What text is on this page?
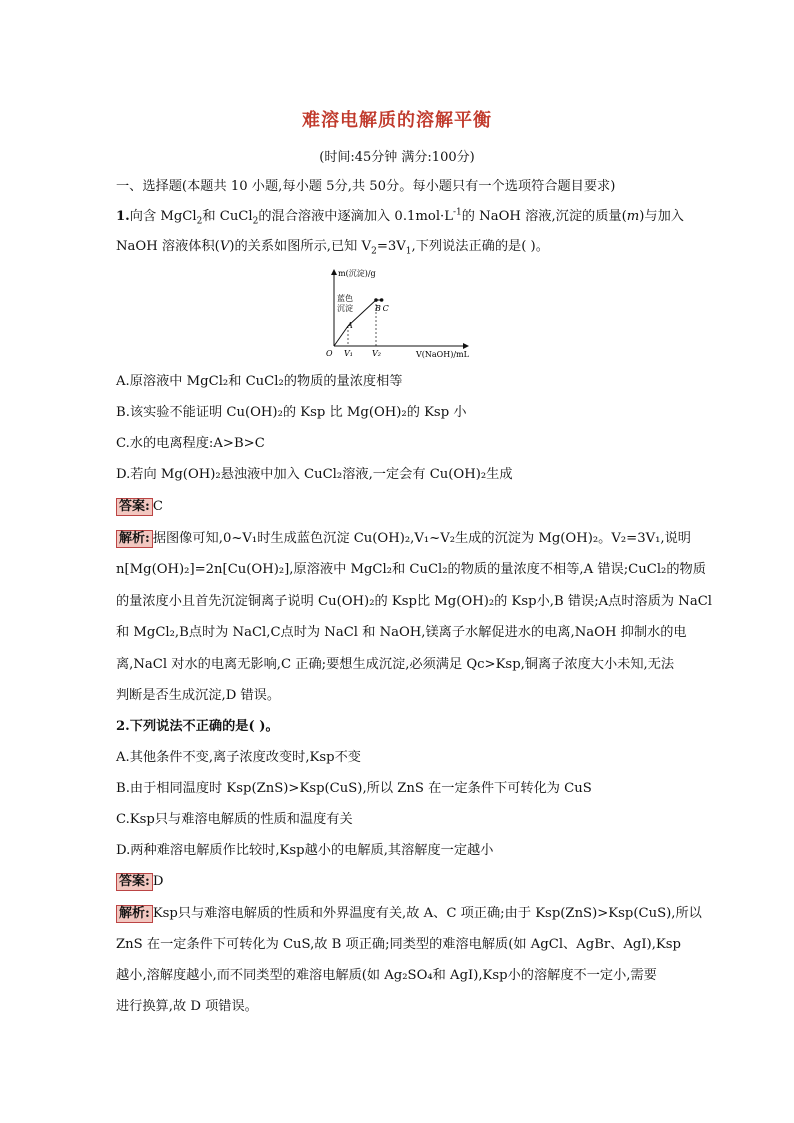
难溶电解质的溶解平衡
(时间:45分钟 满分:100分)
一、选择题(本题共 10 小题,每小题 5分,共 50分。每小题只有一个选项符合题目要求)
1.向含 MgCl$_2$和 CuCl$_2$的混合溶液中逐滴加入 $0.1mol\cdot L^{-1}$的 NaOH 溶液,沉淀的质量(m)与加入
NaOH 溶液体积(V)的关系如图所示,已知 $V_2=3V_1$,下列说法正确的是( )。
m(沉淀)/g
V(NaOH)/mL
O
蓝色
沉淀
A
B C
V₁ V₂
A.原溶液中 MgCl₂和 CuCl₂的物质的量浓度相等
B.该实验不能证明 Cu(OH)₂的 Ksp 比 Mg(OH)₂的 Ksp 小
C.水的电离程度:A>B>C
D.若向 Mg(OH)₂悬浊液中加入 CuCl₂溶液,一定会有 Cu(OH)₂生成
答案: C
解析: 据图像可知,0~V₁时生成蓝色沉淀 Cu(OH)₂,V₁~V₂生成的沉淀为 Mg(OH)₂。V₂=3V₁,说明
n[Mg(OH)₂]=2n[Cu(OH)₂],原溶液中 MgCl₂和 CuCl₂的物质的量浓度不相等,A 错误;CuCl₂的物质
的量浓度小且首先沉淀铜离子说明 Cu(OH)₂的 Ksp比 Mg(OH)₂的 Ksp小,B 错误;A点时溶质为 NaCl
和 MgCl₂,B点时为 NaCl,C点时为 NaCl 和 NaOH,镁离子水解促进水的电离,NaOH 抑制水的电
离,NaCl 对水的电离无影响,C 正确;要想生成沉淀,必须满足 Qc>Ksp,铜离子浓度大小未知,无法
判断是否生成沉淀,D 错误。
2.下列说法不正确的是( )。
A.其他条件不变,离子浓度改变时,Ksp不变
B.由于相同温度时 Ksp(ZnS)>Ksp(CuS),所以 ZnS 在一定条件下可转化为 CuS
C.Ksp只与难溶电解质的性质和温度有关
D.两种难溶电解质作比较时,Ksp越小的电解质,其溶解度一定越小
答案: D
解析: Ksp只与难溶电解质的性质和外界温度有关,故 A、C 项正确;由于 Ksp(ZnS)>Ksp(CuS),所以
ZnS 在一定条件下可转化为 CuS,故 B 项正确;同类型的难溶电解质(如 AgCl、AgBr、AgI),Ksp
越小,溶解度越小,而不同类型的难溶电解质(如 Ag₂SO₄和 AgI),Ksp小的溶解度不一定小,需要
进行换算,故 D 项错误。
